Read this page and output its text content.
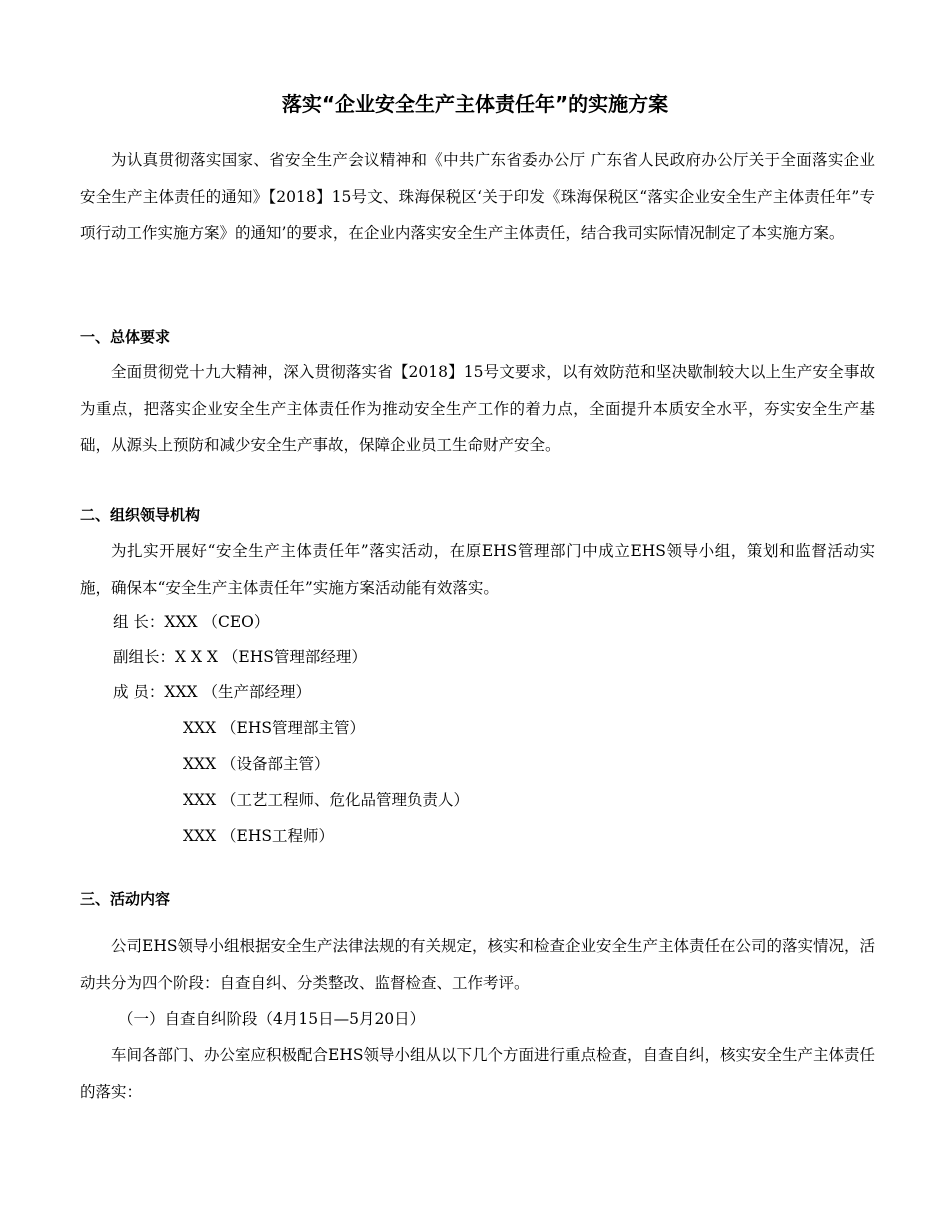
落实“企业安全生产主体责任年”的实施方案

为认真贯彻落实国家、省安全生产会议精神和《中共广东省委办公厅 广东省人民政府办公厅关于全面落实企业安全生产主体责任的通知》【2018】15号文、珠海保税区‘关于印发《珠海保税区“落实企业安全生产主体责任年”专项行动工作实施方案》的通知’的要求，在企业内落实安全生产主体责任，结合我司实际情况制定了本实施方案。

一、总体要求

全面贯彻党十九大精神，深入贯彻落实省【2018】15号文要求，以有效防范和坚决歇制较大以上生产安全事故为重点，把落实企业安全生产主体责任作为推动安全生产工作的着力点，全面提升本质安全水平，夯实安全生产基础，从源头上预防和减少安全生产事故，保障企业员工生命财产安全。

二、组织领导机构

为扎实开展好“安全生产主体责任年”落实活动，在原EHS管理部门中成立EHS领导小组，策划和监督活动实施，确保本“安全生产主体责任年”实施方案活动能有效落实。

组 长：XXX （CEO）
副组长：X X X （EHS管理部经理）
成 员：XXX （生产部经理）
XXX （EHS管理部主管）
XXX （设备部主管）
XXX （工艺工程师、危化品管理负责人）
XXX （EHS工程师）
三、活动内容

公司EHS领导小组根据安全生产法律法规的有关规定，核实和检查企业安全生产主体责任在公司的落实情况，活动共分为四个阶段：自查自纠、分类整改、监督检查、工作考评。

（一）自查自纠阶段（4月15日—5月20日）

车间各部门、办公室应积极配合EHS领导小组从以下几个方面进行重点检查，自查自纠，核实安全生产主体责任的落实：
